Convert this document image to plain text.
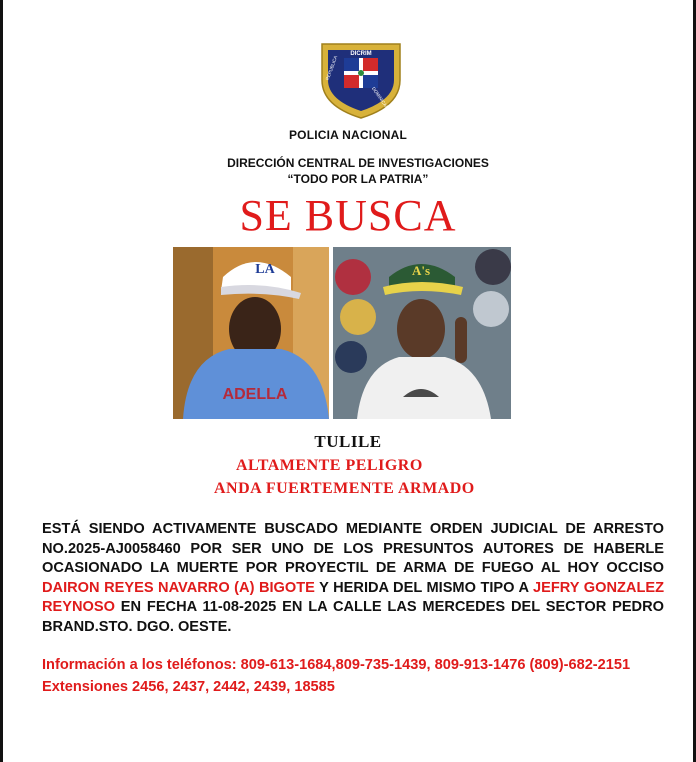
DICRIM
REPUBLICA
DOMINICANA
POLICIA NACIONAL
DIRECCIÓN CENTRAL DE INVESTIGACIONES “TODO POR LA PATRIA”
SE BUSCA
LA
ADELLA
A's
TULILE
ALTAMENTE PELIGRO
ANDA FUERTEMENTE ARMADO
ESTÁ SIENDO ACTIVAMENTE BUSCADO MEDIANTE ORDEN JUDICIAL DE ARRESTO NO.2025-AJ0058460 POR SER UNO DE LOS PRESUNTOS AUTORES DE HABERLE OCASIONADO LA MUERTE POR PROYECTIL DE ARMA DE FUEGO AL HOY OCCISO DAIRON REYES NAVARRO (A) BIGOTE Y HERIDA DEL MISMO TIPO A JEFRY GONZALEZ REYNOSO EN FECHA 11-08-2025 EN LA CALLE LAS MERCEDES DEL SECTOR PEDRO BRAND.STO. DGO. OESTE.
Información a los teléfonos: 809-613-1684,809-735-1439, 809-913-1476 (809)-682-2151 Extensiones 2456, 2437, 2442, 2439, 18585
